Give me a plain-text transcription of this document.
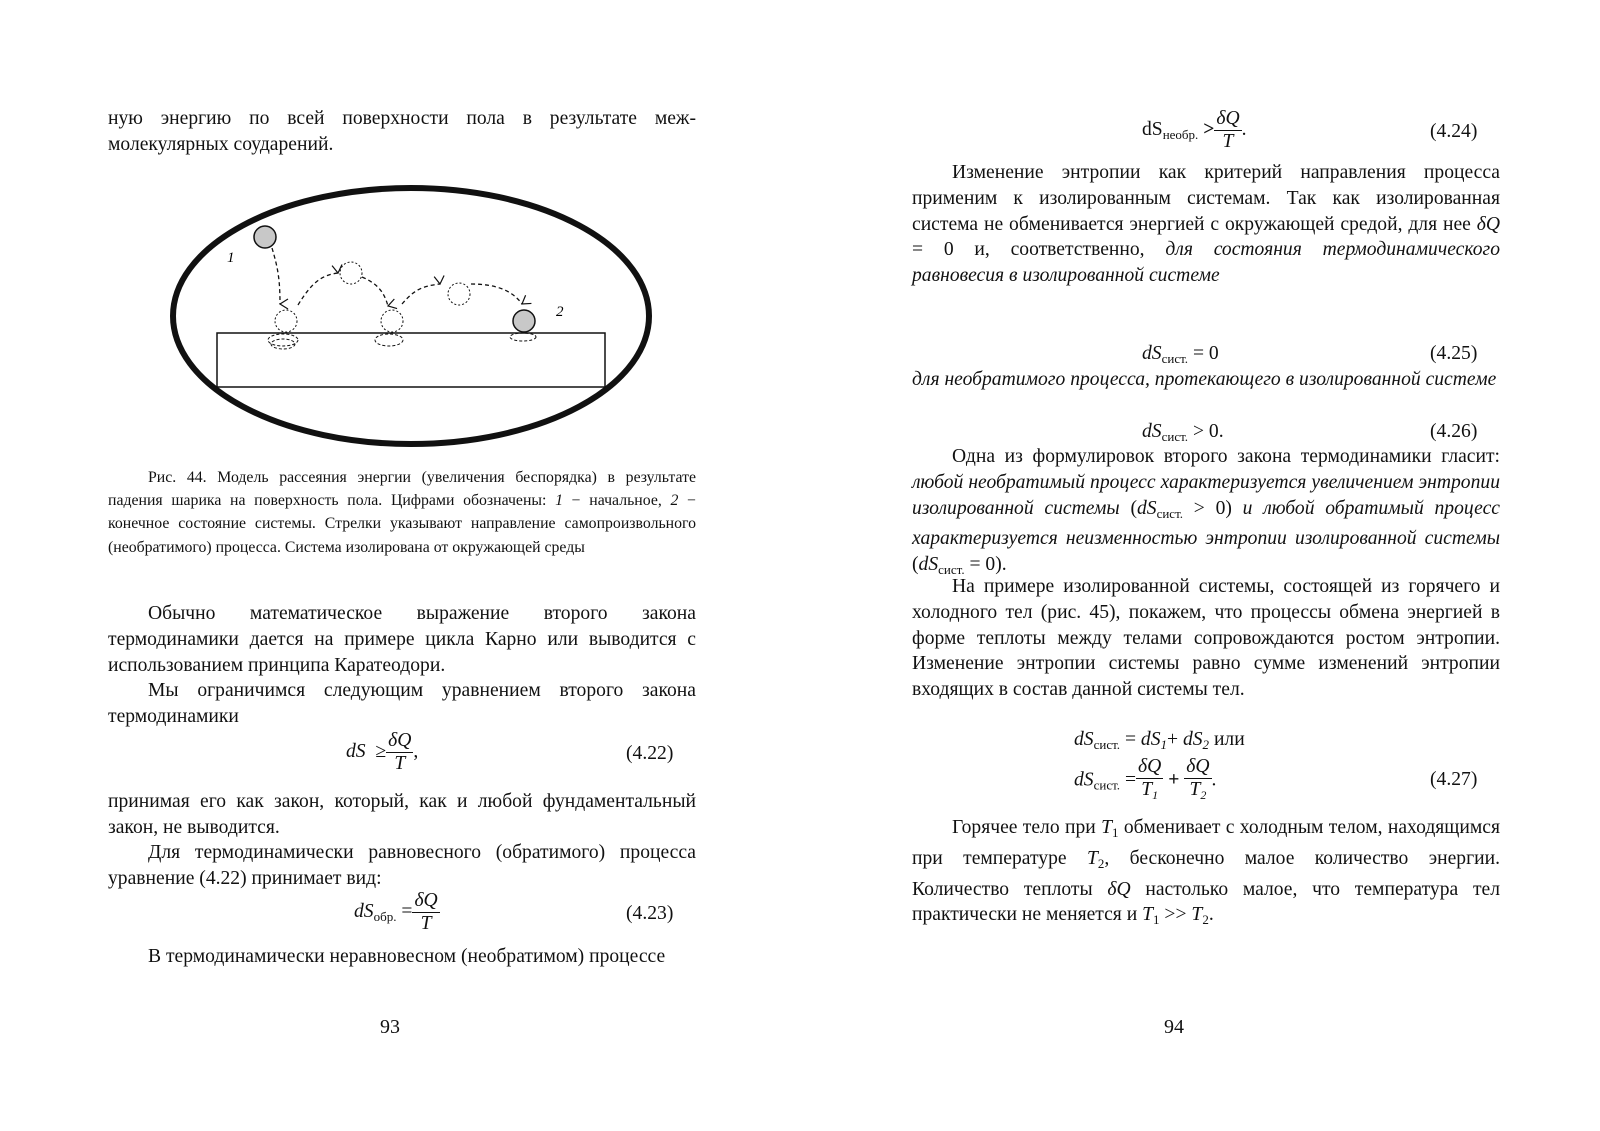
ную энергию по всей поверхности пола в результате меж-молекулярных соударений.

Рис. 44. Модель рассеяния энергии (увеличения беспорядка) в результате падения шарика на поверхность пола. Цифрами обозначены: 1 − начальное, 2 − конечное состояние системы. Стрелки указывают направление самопроизвольного (необратимого) процесса. Система изолирована от окружающей среды

Обычно математическое выражение второго закона термодинамики дается на примере цикла Карно или выводится с использованием принципа Каратеодори.

Мы ограничимся следующим уравнением второго закона термодинамики

dS ≥ $\frac{\delta Q}{T}$ ,	(4.22)

принимая его как закон, который, как и любой фундаментальный закон, не выводится.

Для термодинамически равновесного (обратимого) процесса уравнение (4.22) принимает вид:

$dS_{обр.} = \frac{\delta Q}{T}$	(4.23)

В термодинамически неравновесном (необратимом) процессе

93
1
2
$dS_{необр.} > \frac{\delta Q}{T}$ .	(4.24)

Изменение энтропии как критерий направления процесса применим к изолированным системам. Так как изолированная система не обменивается энергией с окружающей средой, для нее δQ = 0 и, соответственно, для состояния термодинамического равновесия в изолированной системе

$dS_{сист.} = 0$	(4.25)

для необратимого процесса, протекающего в изолированной системе

$dS_{сист.} > 0$.	(4.26)

Одна из формулировок второго закона термодинамики гласит: любой необратимый процесс характеризуется увеличением энтропии изолированной системы $(dS_{сист.} > 0)$ и любой обратимый процесс характеризуется неизменностью энтропии изолированной системы $(dS_{сист.} = 0)$.

На примере изолированной системы, состоящей из горячего и холодного тел (рис. 45), покажем, что процессы обмена энергией в форме теплоты между телами сопровождаются ростом энтропии. Изменение энтропии системы равно сумме изменений энтропии входящих в состав данной системы тел.

$dS_{сист.} = dS_1+ dS_2$ или
$dS_{сист.} = \frac{\delta Q}{T_1} + \frac{\delta Q}{T_2}$ .	(4.27)

Горячее тело при $T_1$ обменивает с холодным телом, находящимся при температуре $T_2$, бесконечно малое количество энергии. Количество теплоты δQ настолько малое, что температура тел практически не меняется и $T_1 >> T_2$.

94
